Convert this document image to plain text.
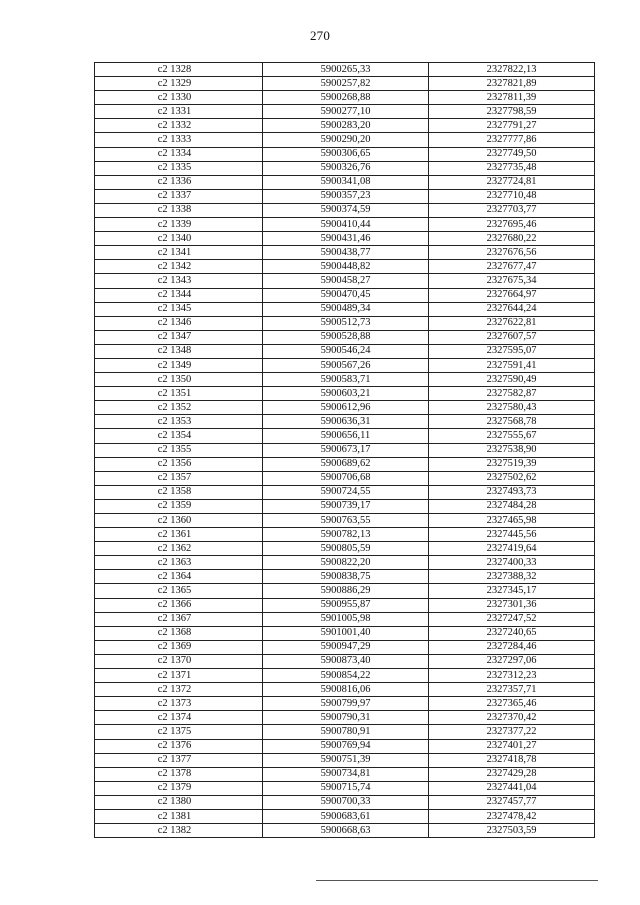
270
с2 1328	5900265,33	2327822,13
с2 1329	5900257,82	2327821,89
с2 1330	5900268,88	2327811,39
с2 1331	5900277,10	2327798,59
с2 1332	5900283,20	2327791,27
с2 1333	5900290,20	2327777,86
с2 1334	5900306,65	2327749,50
с2 1335	5900326,76	2327735,48
с2 1336	5900341,08	2327724,81
с2 1337	5900357,23	2327710,48
с2 1338	5900374,59	2327703,77
с2 1339	5900410,44	2327695,46
с2 1340	5900431,46	2327680,22
с2 1341	5900438,77	2327676,56
с2 1342	5900448,82	2327677,47
с2 1343	5900458,27	2327675,34
с2 1344	5900470,45	2327664,97
с2 1345	5900489,34	2327644,24
с2 1346	5900512,73	2327622,81
с2 1347	5900528,88	2327607,57
с2 1348	5900546,24	2327595,07
с2 1349	5900567,26	2327591,41
с2 1350	5900583,71	2327590,49
с2 1351	5900603,21	2327582,87
с2 1352	5900612,96	2327580,43
с2 1353	5900636,31	2327568,78
с2 1354	5900656,11	2327555,67
с2 1355	5900673,17	2327538,90
с2 1356	5900689,62	2327519,39
с2 1357	5900706,68	2327502,62
с2 1358	5900724,55	2327493,73
с2 1359	5900739,17	2327484,28
с2 1360	5900763,55	2327465,98
с2 1361	5900782,13	2327445,56
с2 1362	5900805,59	2327419,64
с2 1363	5900822,20	2327400,33
с2 1364	5900838,75	2327388,32
с2 1365	5900886,29	2327345,17
с2 1366	5900955,87	2327301,36
с2 1367	5901005,98	2327247,52
с2 1368	5901001,40	2327240,65
с2 1369	5900947,29	2327284,46
с2 1370	5900873,40	2327297,06
с2 1371	5900854,22	2327312,23
с2 1372	5900816,06	2327357,71
с2 1373	5900799,97	2327365,46
с2 1374	5900790,31	2327370,42
с2 1375	5900780,91	2327377,22
с2 1376	5900769,94	2327401,27
с2 1377	5900751,39	2327418,78
с2 1378	5900734,81	2327429,28
с2 1379	5900715,74	2327441,04
с2 1380	5900700,33	2327457,77
с2 1381	5900683,61	2327478,42
с2 1382	5900668,63	2327503,59
